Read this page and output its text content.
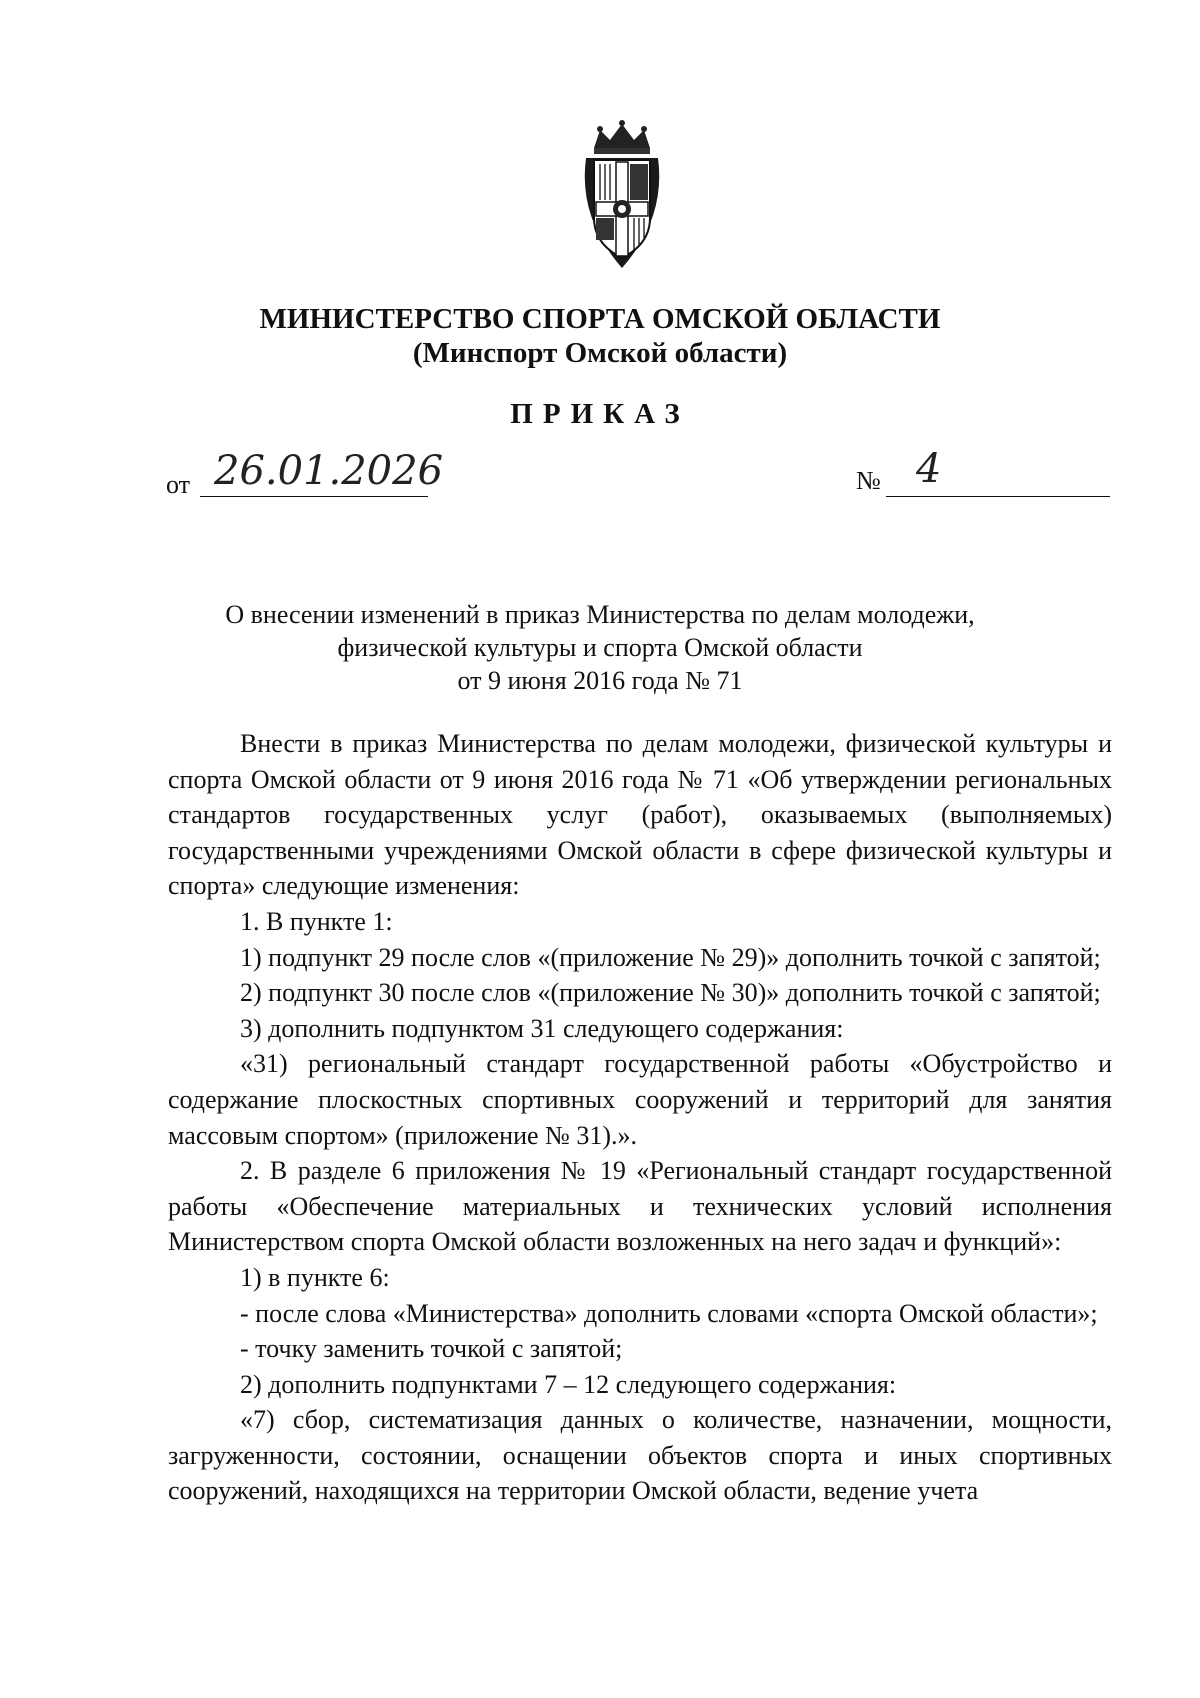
МИНИСТЕРСТВО СПОРТА ОМСКОЙ ОБЛАСТИ
(Минспорт Омской области)
ПРИКАЗ
от 26.01.2026	№ 4
О внесении изменений в приказ Министерства по делам молодежи,
физической культуры и спорта Омской области
от 9 июня 2016 года № 71

Внести в приказ Министерства по делам молодежи, физической культуры и спорта Омской области от 9 июня 2016 года № 71 «Об утверждении региональных стандартов государственных услуг (работ), оказываемых (выполняемых) государственными учреждениями Омской области в сфере физической культуры и спорта» следующие изменения:

1. В пункте 1:

1) подпункт 29 после слов «(приложение № 29)» дополнить точкой с запятой;

2) подпункт 30 после слов «(приложение № 30)» дополнить точкой с запятой;

3) дополнить подпунктом 31 следующего содержания:

«31) региональный стандарт государственной работы «Обустройство и содержание плоскостных спортивных сооружений и территорий для занятия массовым спортом» (приложение № 31).».

2. В разделе 6 приложения № 19 «Региональный стандарт государственной работы «Обеспечение материальных и технических условий исполнения Министерством спорта Омской области возложенных на него задач и функций»:

1) в пункте 6:

- после слова «Министерства» дополнить словами «спорта Омской области»;

- точку заменить точкой с запятой;

2) дополнить подпунктами 7 – 12 следующего содержания:

«7) сбор, систематизация данных о количестве, назначении, мощности, загруженности, состоянии, оснащении объектов спорта и иных спортивных сооружений, находящихся на территории Омской области, ведение учета
